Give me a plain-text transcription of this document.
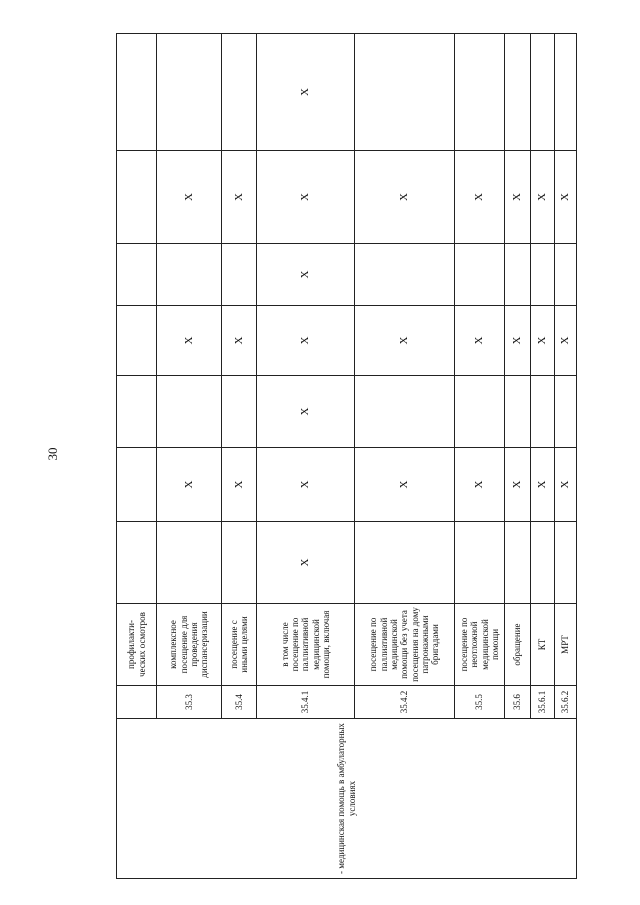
30
- медицинская помощь в амбулаторных условиях		профилакти-ческих осмотров							
	35.3	комплексное посещение для проведения диспансеризации		X		X		X	
	35.4	посещение с иными целями		X		X		X	
	35.4.1	в том числе посещение по паллиативной медицинской помощи, включая	X	X	X	X	X	X	X
	35.4.2	посещение по паллиативной медицинской помощи без учета посещения на дому патронажными бригадами		X		X		X	
	35.5	посещение по неотложной медицинской помощи		X		X		X	
	35.6	обращение		X		X		X	
	35.6.1	КТ		X		X		X	
	35.6.2	МРТ		X		X		X	
